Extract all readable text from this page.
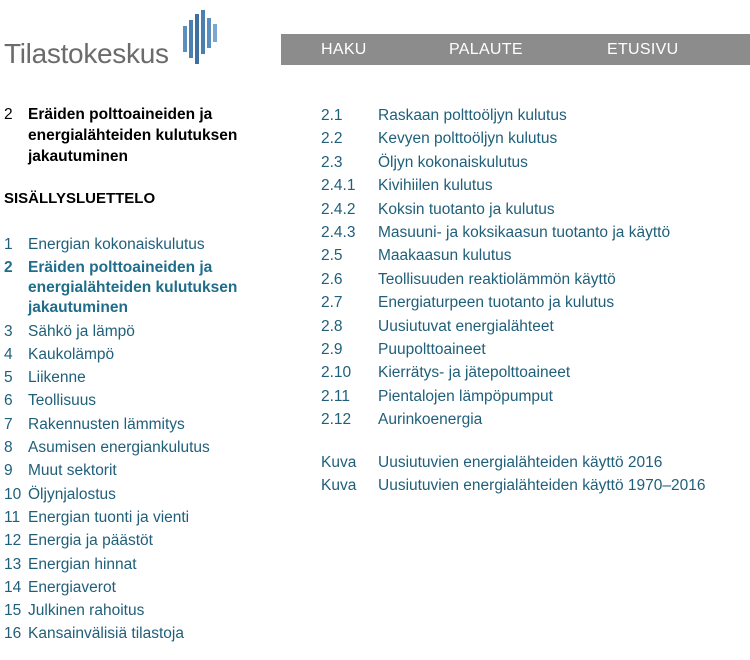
Tilastokeskus	HAKU	PALAUTE	ETUSIVU
2 Eräiden polttoaineiden ja energialähteiden kulutuksen jakautuminen
SISÄLLYSLUETTELO
1 Energian kokonaiskulutus
2 Eräiden polttoaineiden ja energialähteiden kulutuksen jakautuminen
3 Sähkö ja lämpö
4 Kaukolämpö
5 Liikenne
6 Teollisuus
7 Rakennusten lämmitys
8 Asumisen energiankulutus
9 Muut sektorit
10 Öljynjalostus
11 Energian tuonti ja vienti
12 Energia ja päästöt
13 Energian hinnat
14 Energiaverot
15 Julkinen rahoitus
16 Kansainvälisiä tilastoja
2.1	Raskaan polttoöljyn kulutus
2.2	Kevyen polttoöljyn kulutus
2.3	Öljyn kokonaiskulutus
2.4.1	Kivihiilen kulutus
2.4.2	Koksin tuotanto ja kulutus
2.4.3	Masuuni- ja koksikaasun tuotanto ja käyttö
2.5	Maakaasun kulutus
2.6	Teollisuuden reaktiolämmön käyttö
2.7	Energiaturpeen tuotanto ja kulutus
2.8	Uusiutuvat energialähteet
2.9	Puupolttoaineet
2.10	Kierrätys- ja jätepolttoaineet
2.11	Pientalojen lämpöpumput
2.12	Aurinkoenergia
Kuva	Uusiutuvien energialähteiden käyttö 2016
Kuva	Uusiutuvien energialähteiden käyttö 1970–2016
